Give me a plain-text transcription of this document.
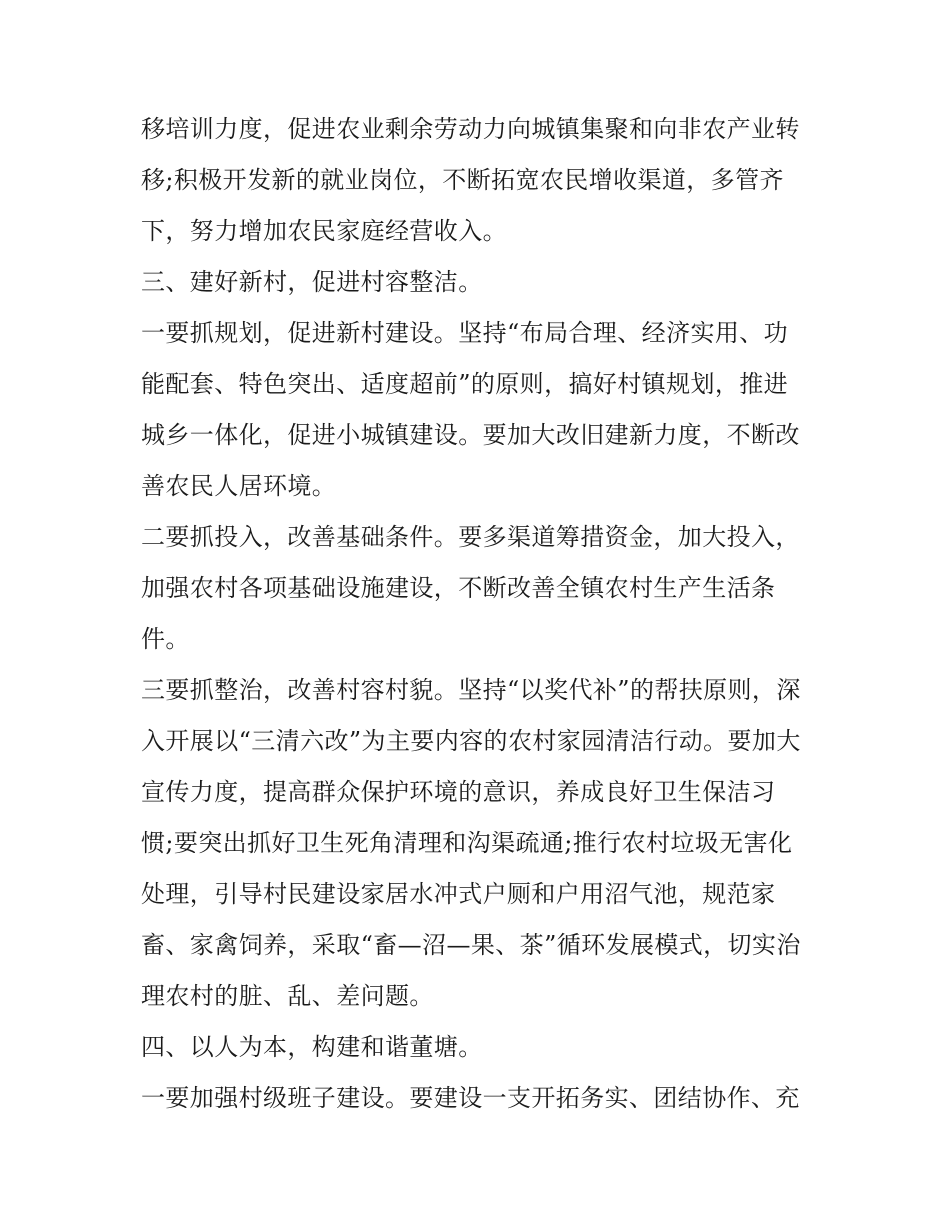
移培训力度，促进农业剩余劳动力向城镇集聚和向非农产业转
移;积极开发新的就业岗位，不断拓宽农民增收渠道，多管齐
下，努力增加农民家庭经营收入。
三、建好新村，促进村容整洁。
一要抓规划，促进新村建设。坚持“布局合理、经济实用、功
能配套、特色突出、适度超前”的原则，搞好村镇规划，推进
城乡一体化，促进小城镇建设。要加大改旧建新力度，不断改
善农民人居环境。
二要抓投入，改善基础条件。要多渠道筹措资金，加大投入，
加强农村各项基础设施建设，不断改善全镇农村生产生活条
件。
三要抓整治，改善村容村貌。坚持“以奖代补”的帮扶原则，深
入开展以“三清六改”为主要内容的农村家园清洁行动。要加大
宣传力度，提高群众保护环境的意识，养成良好卫生保洁习
惯;要突出抓好卫生死角清理和沟渠疏通;推行农村垃圾无害化
处理，引导村民建设家居水冲式户厕和户用沼气池，规范家
畜、家禽饲养，采取“畜—沼—果、茶”循环发展模式，切实治
理农村的脏、乱、差问题。
四、以人为本，构建和谐董塘。
一要加强村级班子建设。要建设一支开拓务实、团结协作、充
